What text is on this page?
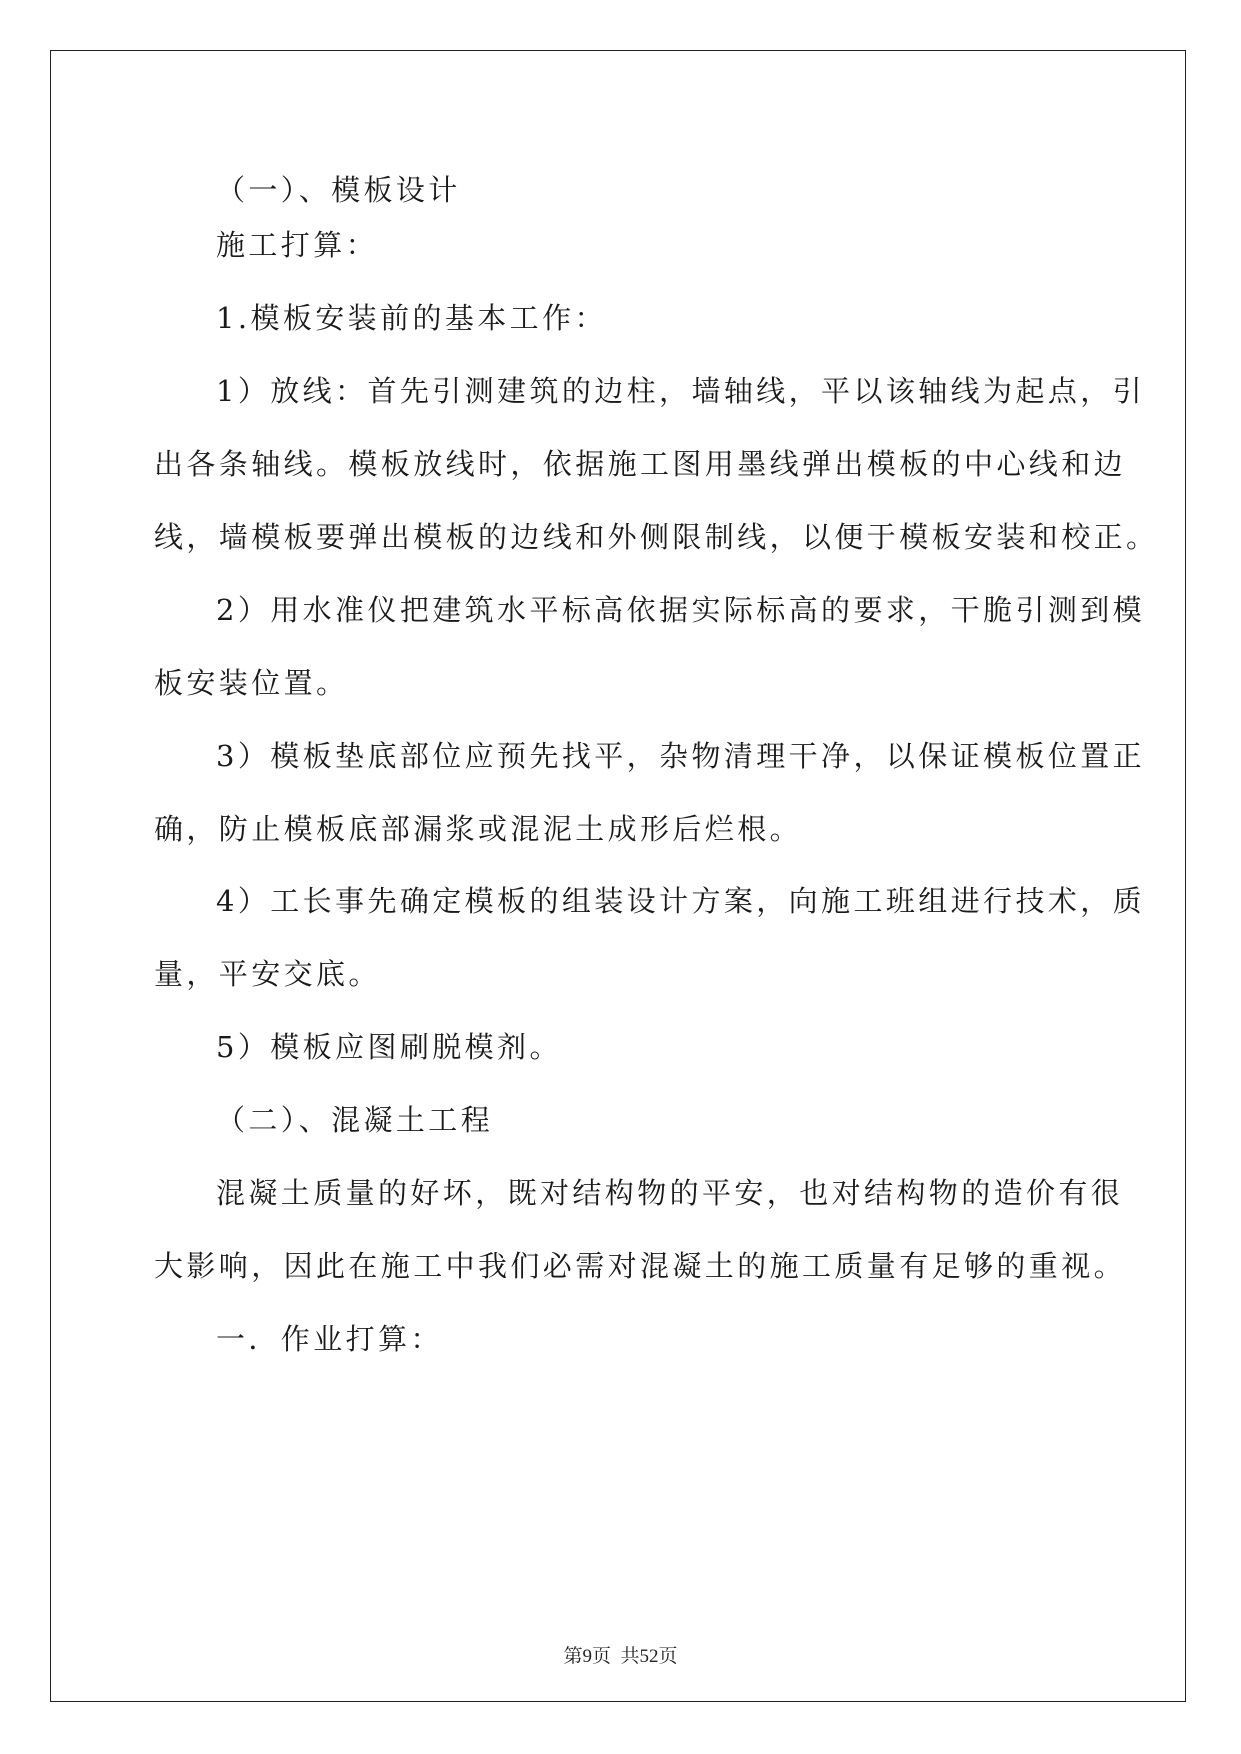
（一）、模板设计
施工打算：
1.模板安装前的基本工作：
1）放线：首先引测建筑的边柱，墙轴线，平以该轴线为起点，引
出各条轴线。模板放线时，依据施工图用墨线弹出模板的中心线和边
线，墙模板要弹出模板的边线和外侧限制线，以便于模板安装和校正。
2）用水准仪把建筑水平标高依据实际标高的要求，干脆引测到模
板安装位置。
3）模板垫底部位应预先找平，杂物清理干净，以保证模板位置正
确，防止模板底部漏浆或混泥土成形后烂根。
4）工长事先确定模板的组装设计方案，向施工班组进行技术，质
量，平安交底。
5）模板应图刷脱模剂。
（二）、混凝土工程
混凝土质量的好坏，既对结构物的平安，也对结构物的造价有很
大影响，因此在施工中我们必需对混凝土的施工质量有足够的重视。
一．作业打算：
第9页  共52页
